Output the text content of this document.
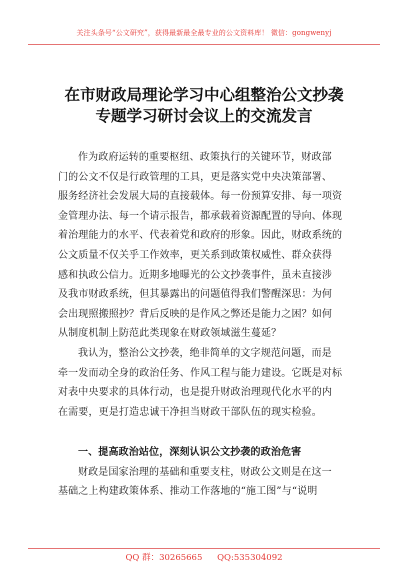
关注头条号“公文研究”，获得最新最全最专业的公文资料库！ 微信：gongwenyj
在市财政局理论学习中心组整治公文抄袭
专题学习研讨会议上的交流发言
作为政府运转的重要枢纽、政策执行的关键环节，财政部
门的公文不仅是行政管理的工具，更是落实党中央决策部署、
服务经济社会发展大局的直接载体。每一份预算安排、每一项资
金管理办法、每一个请示报告，都承载着资源配置的导向、体现
着治理能力的水平、代表着党和政府的形象。因此，财政系统的
公文质量不仅关乎工作效率，更关系到政策权威性、群众获得
感和执政公信力。近期多地曝光的公文抄袭事件，虽未直接涉
及我市财政系统，但其暴露出的问题值得我们警醒深思：为何
会出现照搬照抄？背后反映的是作风之弊还是能力之困？如何
从制度机制上防范此类现象在财政领域滋生蔓延？
我认为，整治公文抄袭，绝非简单的文字规范问题，而是
牵一发而动全身的政治任务、作风工程与能力建设。它既是对标
对表中央要求的具体行动，也是提升财政治理现代化水平的内
在需要，更是打造忠诚干净担当财政干部队伍的现实检验。
一、提高政治站位，深刻认识公文抄袭的政治危害
财政是国家治理的基础和重要支柱，财政公文则是在这一
基础之上构建政策体系、推动工作落地的“施工图”与“说明
QQ 群：30265665 QQ:535304092
